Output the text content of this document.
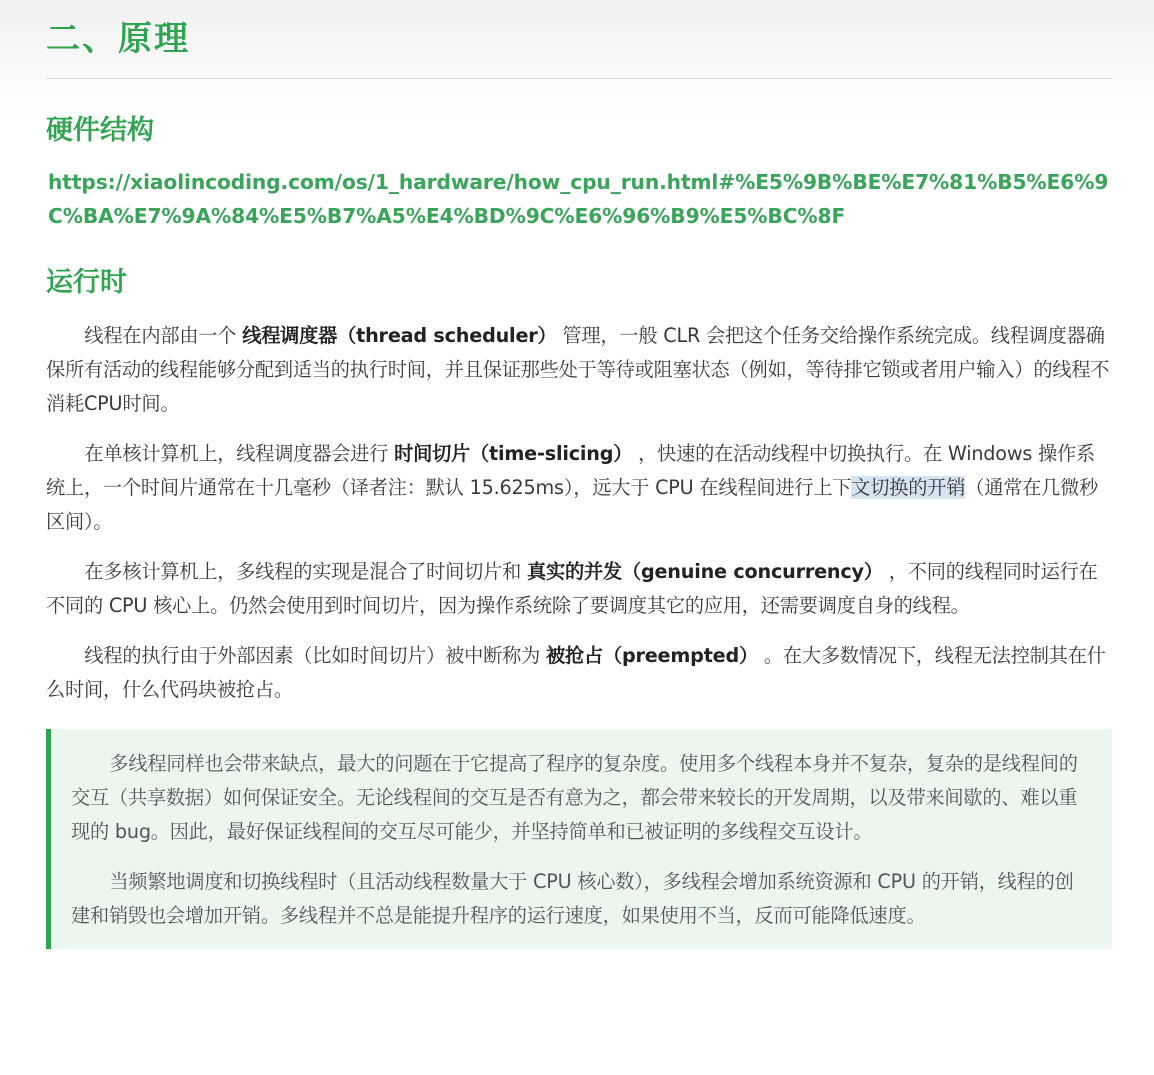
二、原理
硬件结构
https://xiaolincoding.com/os/1_hardware/how_cpu_run.html#%E5%9B%BE%E7%81%B5%E6%9C%BA%E7%9A%84%E5%B7%A5%E4%BD%9C%E6%96%B9%E5%BC%8F
运行时

线程在内部由一个 线程调度器（thread scheduler） 管理，一般 CLR 会把这个任务交给操作系统完成。线程调度器确保所有活动的线程能够分配到适当的执行时间，并且保证那些处于等待或阻塞状态（例如，等待排它锁或者用户输入）的线程不消耗CPU时间。

在单核计算机上，线程调度器会进行 时间切片（time-slicing） ，快速的在活动线程中切换执行。在 Windows 操作系统上，一个时间片通常在十几毫秒（译者注：默认 15.625ms），远大于 CPU 在线程间进行上下文切换的开销（通常在几微秒区间）。

在多核计算机上，多线程的实现是混合了时间切片和 真实的并发（genuine concurrency） ，不同的线程同时运行在不同的 CPU 核心上。仍然会使用到时间切片，因为操作系统除了要调度其它的应用，还需要调度自身的线程。

线程的执行由于外部因素（比如时间切片）被中断称为 被抢占（preempted） 。在大多数情况下，线程无法控制其在什么时间，什么代码块被抢占。

多线程同样也会带来缺点，最大的问题在于它提高了程序的复杂度。使用多个线程本身并不复杂，复杂的是线程间的交互（共享数据）如何保证安全。无论线程间的交互是否有意为之，都会带来较长的开发周期，以及带来间歇的、难以重现的 bug。因此，最好保证线程间的交互尽可能少，并坚持简单和已被证明的多线程交互设计。

当频繁地调度和切换线程时（且活动线程数量大于 CPU 核心数），多线程会增加系统资源和 CPU 的开销，线程的创建和销毁也会增加开销。多线程并不总是能提升程序的运行速度，如果使用不当，反而可能降低速度。
